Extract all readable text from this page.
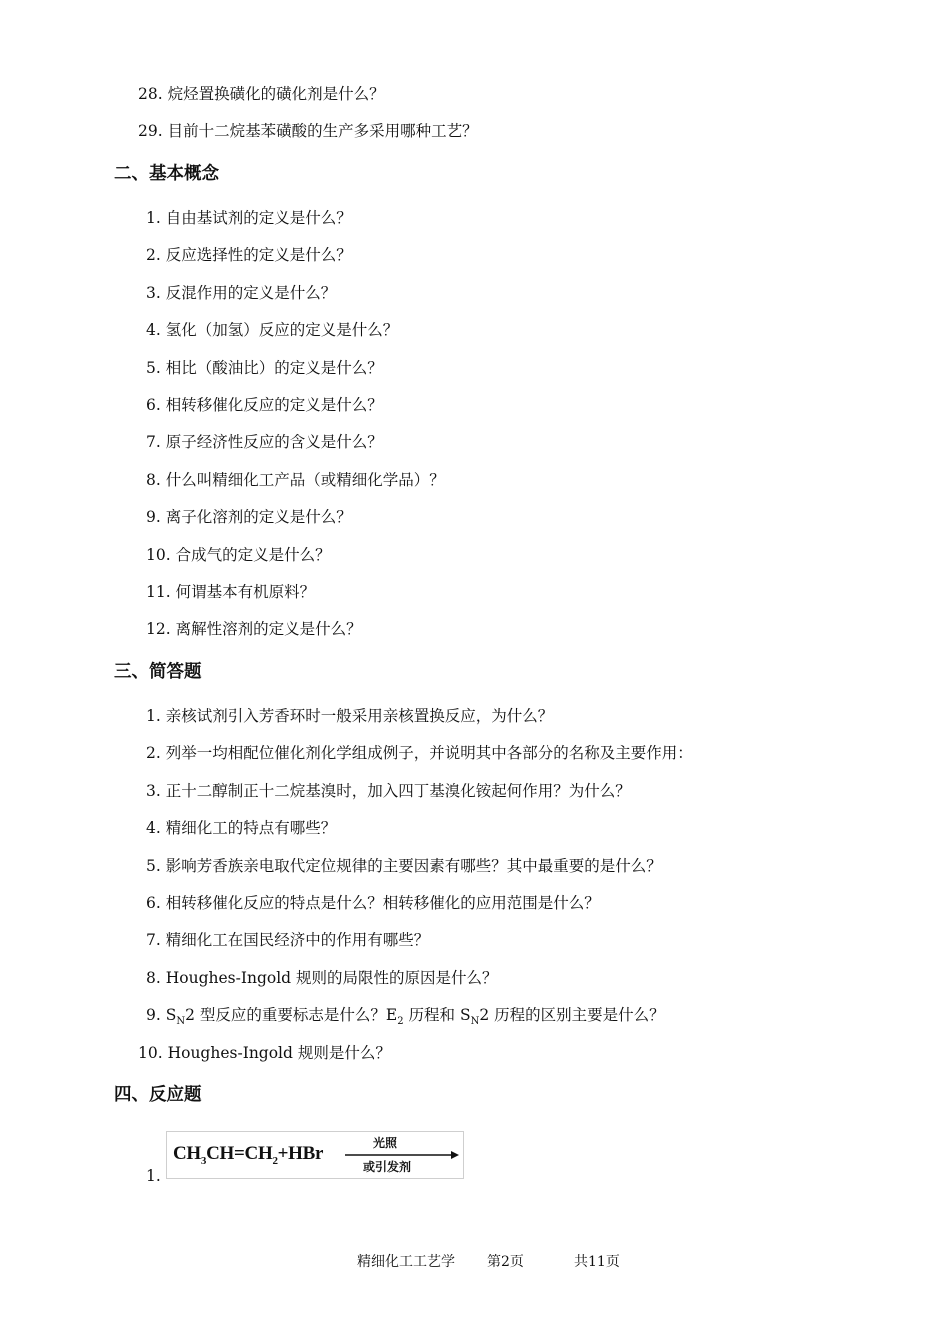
28. 烷烃置换磺化的磺化剂是什么？
29. 目前十二烷基苯磺酸的生产多采用哪种工艺？
二、基本概念
1. 自由基试剂的定义是什么？
2. 反应选择性的定义是什么？
3. 反混作用的定义是什么？
4. 氢化（加氢）反应的定义是什么？
5. 相比（酸油比）的定义是什么？
6. 相转移催化反应的定义是什么？
7. 原子经济性反应的含义是什么？
8. 什么叫精细化工产品（或精细化学品）？
9. 离子化溶剂的定义是什么？
10. 合成气的定义是什么？
11. 何谓基本有机原料？
12. 离解性溶剂的定义是什么？
三、简答题
1. 亲核试剂引入芳香环时一般采用亲核置换反应，为什么？
2. 列举一均相配位催化剂化学组成例子，并说明其中各部分的名称及主要作用：
3. 正十二醇制正十二烷基溴时，加入四丁基溴化铵起何作用？为什么？
4. 精细化工的特点有哪些？
5. 影响芳香族亲电取代定位规律的主要因素有哪些？其中最重要的是什么？
6. 相转移催化反应的特点是什么？相转移催化的应用范围是什么？
7. 精细化工在国民经济中的作用有哪些？
8. Houghes-Ingold 规则的局限性的原因是什么？
9. $S_N2$ 型反应的重要标志是什么？$E_2$ 历程和 $S_N2$ 历程的区别主要是什么？
10. Houghes-Ingold 规则是什么？
四、反应题
1.
$CH_3CH=CH_2+HBr$	光照
或引发剂
精细化工工艺学 第2页	共11页
